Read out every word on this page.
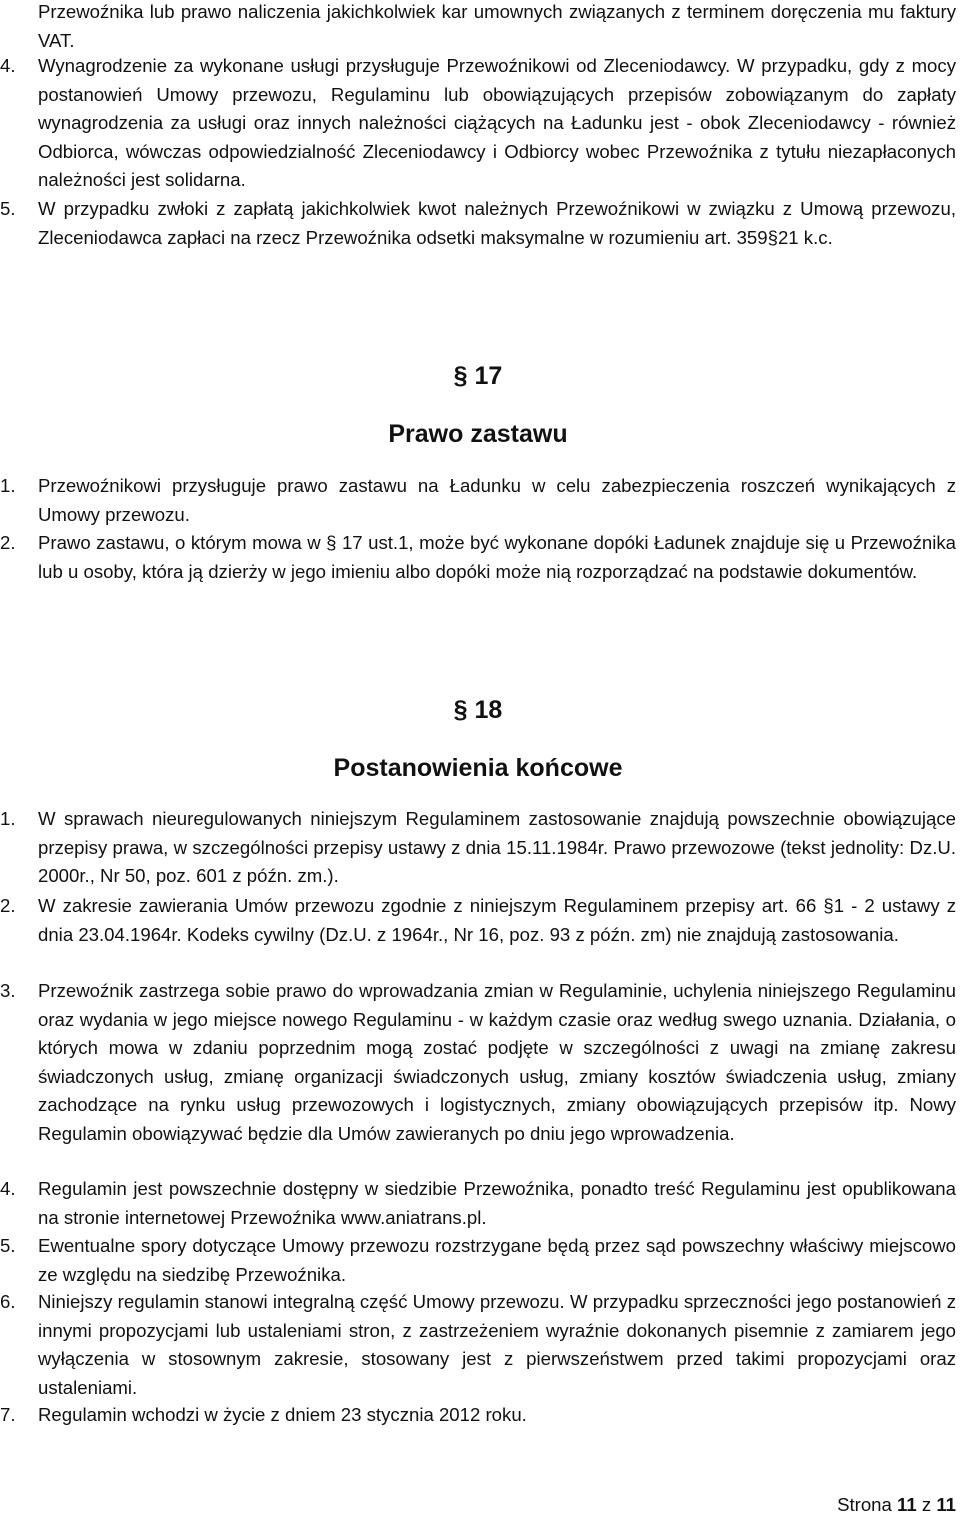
Przewoźnika lub prawo naliczenia jakichkolwiek kar umownych związanych z terminem doręczenia mu faktury VAT.

4.	Wynagrodzenie za wykonane usługi przysługuje Przewoźnikowi od Zleceniodawcy. W przypadku, gdy z mocy postanowień Umowy przewozu, Regulaminu lub obowiązujących przepisów zobowiązanym do zapłaty wynagrodzenia za usługi oraz innych należności ciążących na Ładunku jest - obok Zleceniodawcy - również Odbiorca, wówczas odpowiedzialność Zleceniodawcy i Odbiorcy wobec Przewoźnika z tytułu niezapłaconych należności jest solidarna.
5.	W przypadku zwłoki z zapłatą jakichkolwiek kwot należnych Przewoźnikowi w związku z Umową przewozu, Zleceniodawca zapłaci na rzecz Przewoźnika odsetki maksymalne w rozumieniu art. 359§21 k.c.
§ 17
Prawo zastawu
1.	Przewoźnikowi przysługuje prawo zastawu na Ładunku w celu zabezpieczenia roszczeń wynikających z Umowy przewozu.
2.	Prawo zastawu, o którym mowa w § 17 ust.1, może być wykonane dopóki Ładunek znajduje się u Przewoźnika lub u osoby, która ją dzierży w jego imieniu albo dopóki może nią rozporządzać na podstawie dokumentów.
§ 18
Postanowienia końcowe
1.	W sprawach nieuregulowanych niniejszym Regulaminem zastosowanie znajdują powszechnie obowiązujące przepisy prawa, w szczególności przepisy ustawy z dnia 15.11.1984r. Prawo przewozowe (tekst jednolity: Dz.U. 2000r., Nr 50, poz. 601 z późn. zm.).
2.	W zakresie zawierania Umów przewozu zgodnie z niniejszym Regulaminem przepisy art. 66 §1 - 2 ustawy z dnia 23.04.1964r. Kodeks cywilny (Dz.U. z 1964r., Nr 16, poz. 93 z późn. zm) nie znajdują zastosowania.
3.	Przewoźnik zastrzega sobie prawo do wprowadzania zmian w Regulaminie, uchylenia niniejszego Regulaminu oraz wydania w jego miejsce nowego Regulaminu - w każdym czasie oraz według swego uznania. Działania, o których mowa w zdaniu poprzednim mogą zostać podjęte w szczególności z uwagi na zmianę zakresu świadczonych usług, zmianę organizacji świadczonych usług, zmiany kosztów świadczenia usług, zmiany zachodzące na rynku usług przewozowych i logistycznych, zmiany obowiązujących przepisów itp. Nowy Regulamin obowiązywać będzie dla Umów zawieranych po dniu jego wprowadzenia.
4.	Regulamin jest powszechnie dostępny w siedzibie Przewoźnika, ponadto treść Regulaminu jest opublikowana na stronie internetowej Przewoźnika www.aniatrans.pl.
5.	Ewentualne spory dotyczące Umowy przewozu rozstrzygane będą przez sąd powszechny właściwy miejscowo ze względu na siedzibę Przewoźnika.
6.	Niniejszy regulamin stanowi integralną część Umowy przewozu. W przypadku sprzeczności jego postanowień z innymi propozycjami lub ustaleniami stron, z zastrzeżeniem wyraźnie dokonanych pisemnie z zamiarem jego wyłączenia w stosownym zakresie, stosowany jest z pierwszeństwem przed takimi propozycjami oraz ustaleniami.
7.	Regulamin wchodzi w życie z dniem 23 stycznia 2012 roku.
Strona 11 z 11
